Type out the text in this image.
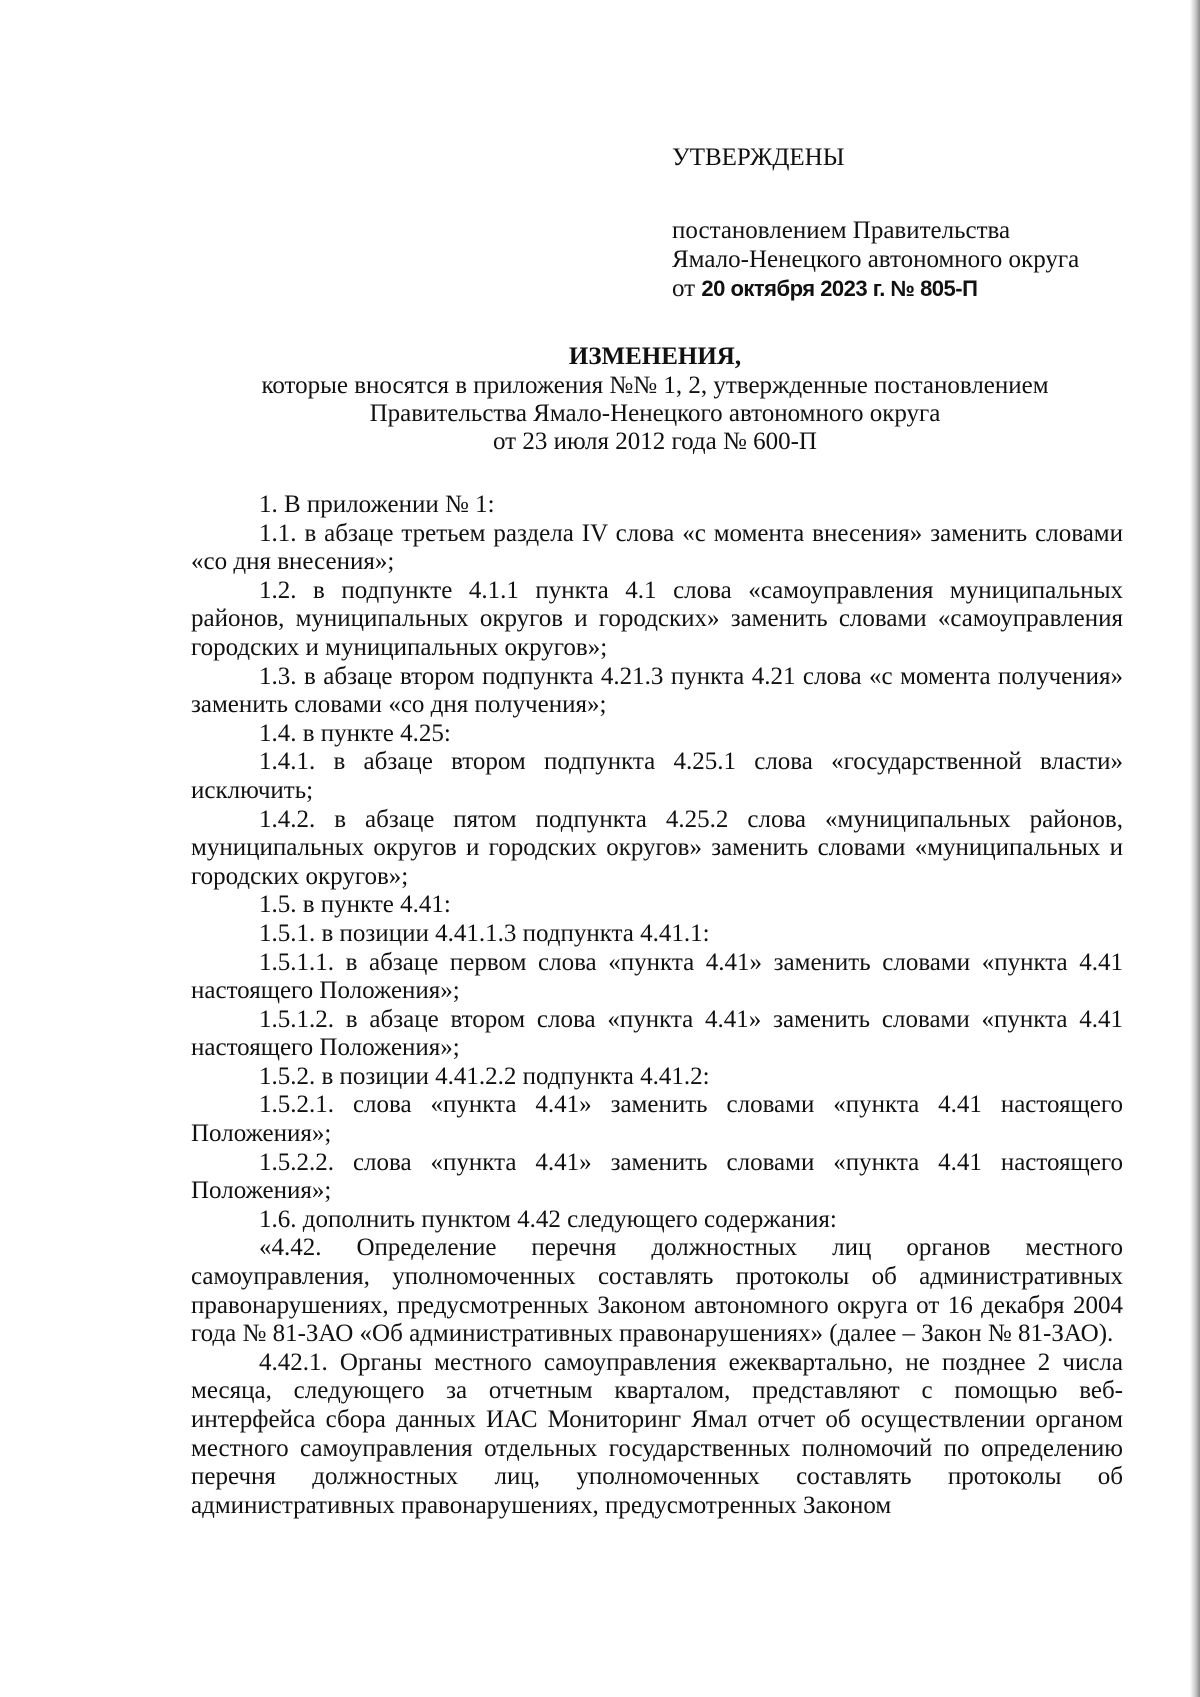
УТВЕРЖДЕНЫ
постановлением Правительства
Ямало-Ненецкого автономного округа
от 20 октября 2023 г. № 805-П
ИЗМЕНЕНИЯ,
которые вносятся в приложения №№ 1, 2, утвержденные постановлением
Правительства Ямало-Ненецкого автономного округа
от 23 июля 2012 года № 600-П

1. В приложении № 1:

1.1. в абзаце третьем раздела IV слова «с момента внесения» заменить словами «со дня внесения»;

1.2. в подпункте 4.1.1 пункта 4.1 слова «самоуправления муниципальных районов, муниципальных округов и городских» заменить словами «самоуправления городских и муниципальных округов»;

1.3. в абзаце втором подпункта 4.21.3 пункта 4.21 слова «с момента получения» заменить словами «со дня получения»;

1.4. в пункте 4.25:

1.4.1. в абзаце втором подпункта 4.25.1 слова «государственной власти» исключить;

1.4.2. в абзаце пятом подпункта 4.25.2 слова «муниципальных районов, муниципальных округов и городских округов» заменить словами «муниципальных и городских округов»;

1.5. в пункте 4.41:

1.5.1. в позиции 4.41.1.3 подпункта 4.41.1:

1.5.1.1. в абзаце первом слова «пункта 4.41» заменить словами «пункта 4.41 настоящего Положения»;

1.5.1.2. в абзаце втором слова «пункта 4.41» заменить словами «пункта 4.41 настоящего Положения»;

1.5.2. в позиции 4.41.2.2 подпункта 4.41.2:

1.5.2.1. слова «пункта 4.41» заменить словами «пункта 4.41 настоящего Положения»;

1.5.2.2. слова «пункта 4.41» заменить словами «пункта 4.41 настоящего Положения»;

1.6. дополнить пунктом 4.42 следующего содержания:

«4.42. Определение перечня должностных лиц органов местного самоуправления, уполномоченных составлять протоколы об административных правонарушениях, предусмотренных Законом автономного округа от 16 декабря 2004 года № 81-ЗАО «Об административных правонарушениях» (далее – Закон № 81-ЗАО).

4.42.1. Органы местного самоуправления ежеквартально, не позднее 2 числа месяца, следующего за отчетным кварталом, представляют с помощью веб-интерфейса сбора данных ИАС Мониторинг Ямал отчет об осуществлении органом местного самоуправления отдельных государственных полномочий по определению перечня должностных лиц, уполномоченных составлять протоколы об административных правонарушениях, предусмотренных Законом
